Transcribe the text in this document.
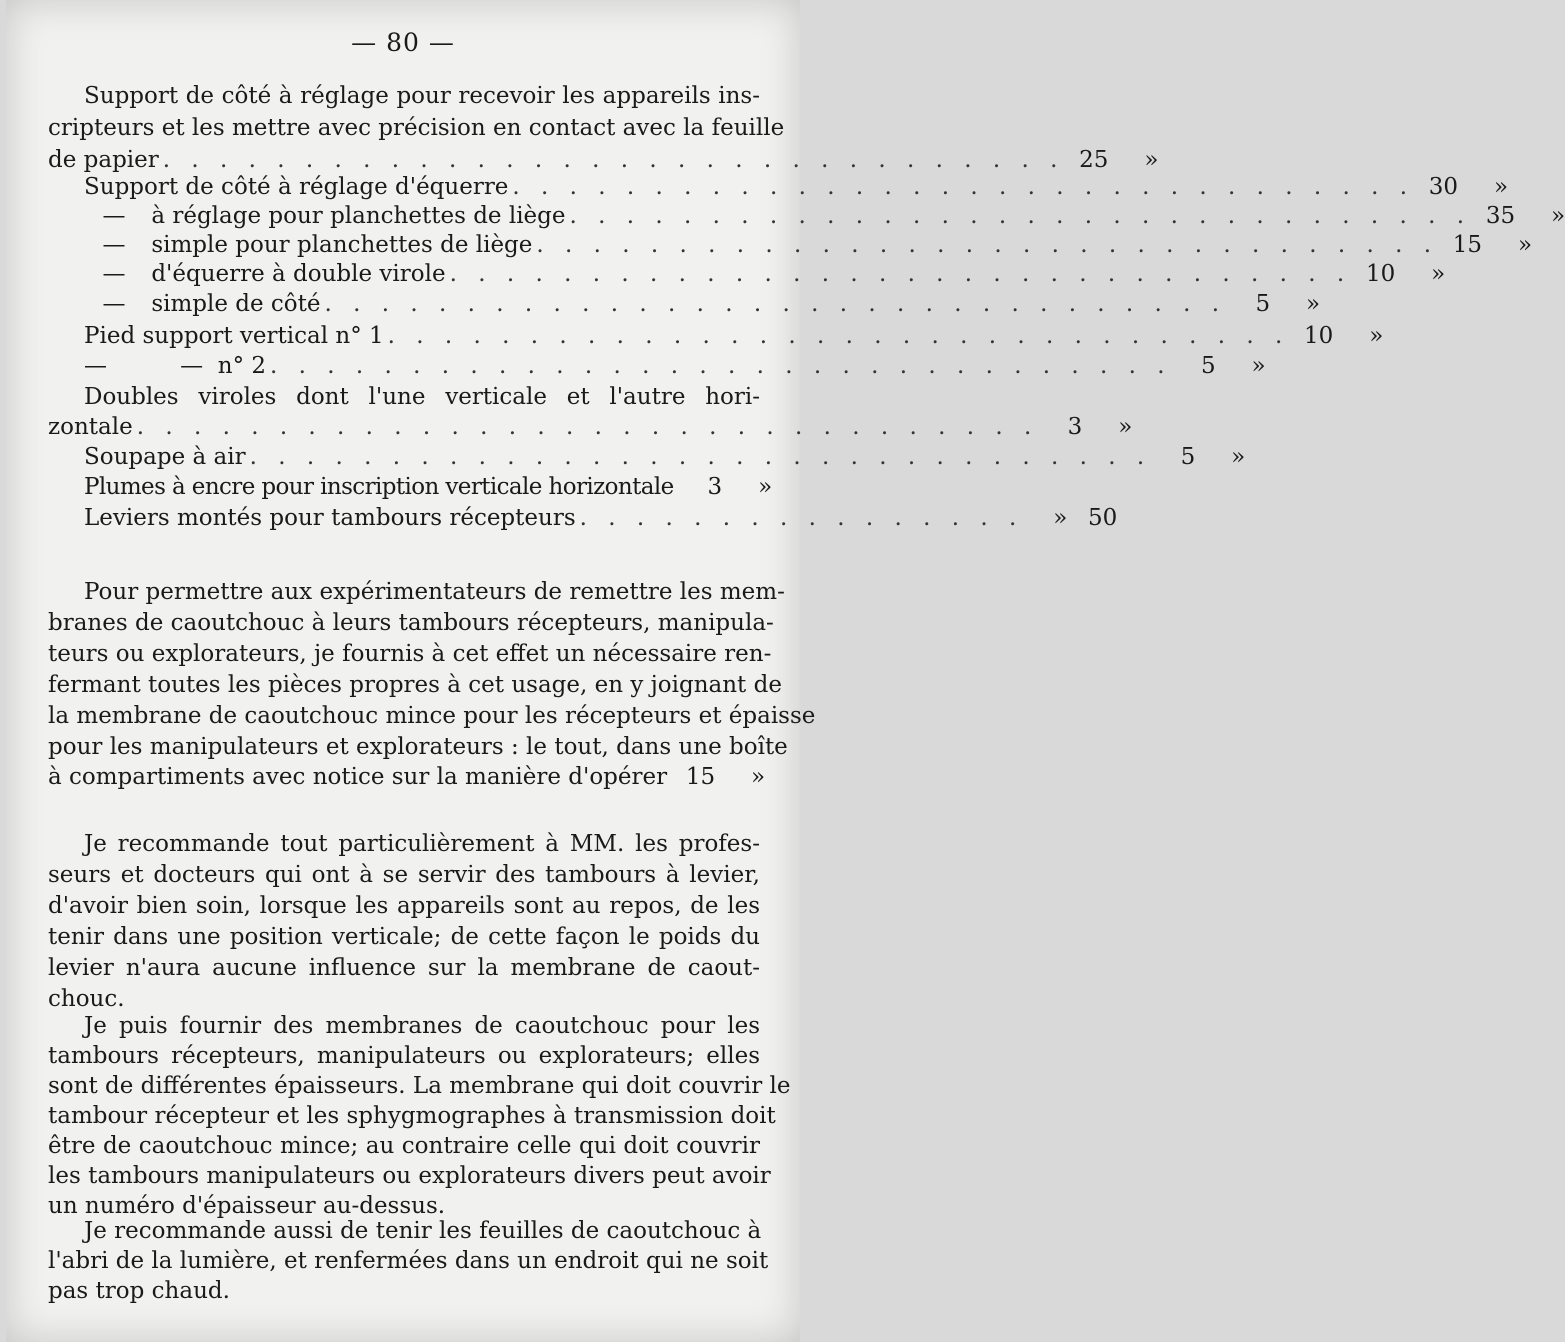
— 80 —
Support de côté à réglage pour recevoir les appareils ins-
cripteurs et les mettre avec précision en contact avec la feuille
de papier . . . . . . . . . . . . . . . . . . . . . . . . . . . . . . . . 25	»
Support de côté à réglage d'équerre . . . . . . . . . . . . . . . . . . . . . . . . . . . . . . . . 30	»
— à réglage pour planchettes de liège . . . . . . . . . . . . . . . . . . . . . . . . . . . . . . . . 35	»
— simple pour planchettes de liège . . . . . . . . . . . . . . . . . . . . . . . . . . . . . . . . 15	»
— d'équerre à double virole . . . . . . . . . . . . . . . . . . . . . . . . . . . . . . . . 10	»
— simple de côté . . . . . . . . . . . . . . . . . . . . . . . . . . . . . . . .	5	»
Pied support vertical n° 1 . . . . . . . . . . . . . . . . . . . . . . . . . . . . . . . . 10	»
—          — n° 2 . . . . . . . . . . . . . . . . . . . . . . . . . . . . . . . .	5	»
Doubles viroles dont l'une verticale et l'autre hori-
zontale . . . . . . . . . . . . . . . . . . . . . . . . . . . . . . . .	3	»
Soupape à air . . . . . . . . . . . . . . . . . . . . . . . . . . . . . . . .	5	»
Plumes à encre pour inscription verticale horizontale	3	»
Leviers montés pour tambours récepteurs . . . . . . . . . . . . . . . .	» 50
Pour permettre aux expérimentateurs de remettre les mem-
branes de caoutchouc à leurs tambours récepteurs, manipula-
teurs ou explorateurs, je fournis à cet effet un nécessaire ren-
fermant toutes les pièces propres à cet usage, en y joignant de
la membrane de caoutchouc mince pour les récepteurs et épaisse
pour les manipulateurs et explorateurs : le tout, dans une boîte
à compartiments avec notice sur la manière d'opérer 15	»
Je recommande tout particulièrement à MM. les profes-
seurs et docteurs qui ont à se servir des tambours à levier,
d'avoir bien soin, lorsque les appareils sont au repos, de les
tenir dans une position verticale; de cette façon le poids du
levier n'aura aucune influence sur la membrane de caout-
chouc.
Je puis fournir des membranes de caoutchouc pour les
tambours récepteurs, manipulateurs ou explorateurs; elles
sont de différentes épaisseurs. La membrane qui doit couvrir le
tambour récepteur et les sphygmographes à transmission doit
être de caoutchouc mince; au contraire celle qui doit couvrir
les tambours manipulateurs ou explorateurs divers peut avoir
un numéro d'épaisseur au-dessus.
Je recommande aussi de tenir les feuilles de caoutchouc à
l'abri de la lumière, et renfermées dans un endroit qui ne soit
pas trop chaud.
